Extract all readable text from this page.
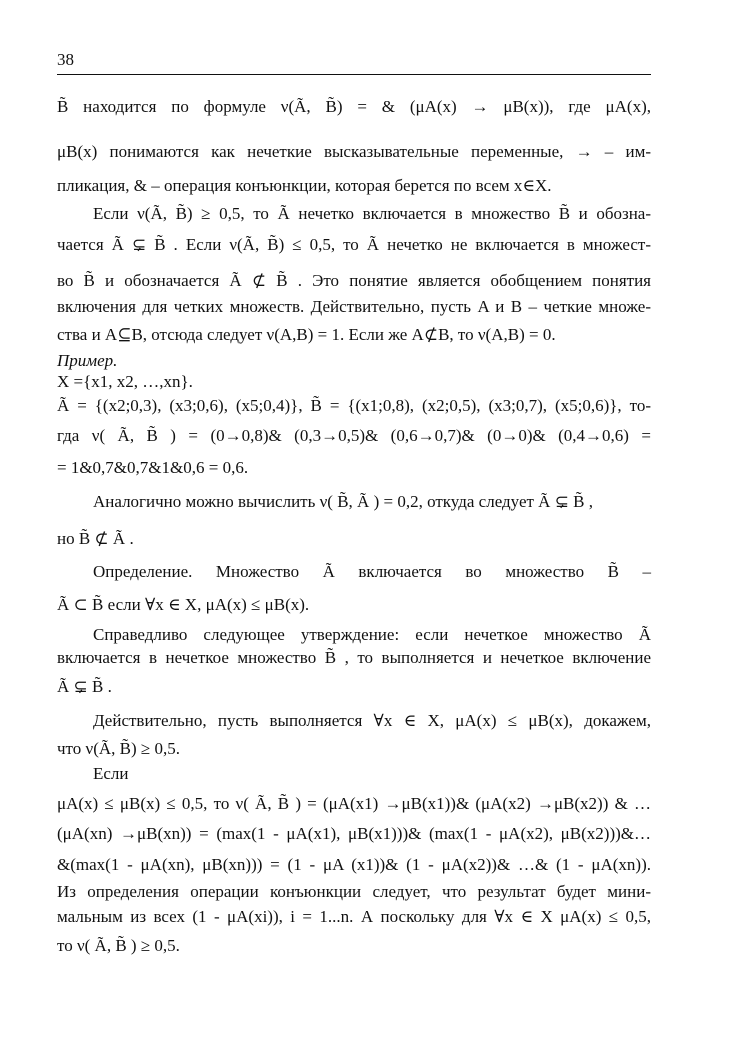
38
B̃ находится по формуле ν(Ã, B̃) = & (μA(x) → μB(x)), где μA(x),
μB(x) понимаются как нечеткие высказывательные переменные, → – им-
пликация, & – операция конъюнкции, которая берется по всем x∈X.
Если ν(Ã, B̃) ≥ 0,5, то Ã нечетко включается в множество B̃ и обозна-
чается Ã ⊊ B̃ . Если ν(Ã, B̃) ≤ 0,5, то Ã нечетко не включается в множест-
во B̃ и обозначается Ã ⊄ B̃ . Это понятие является обобщением понятия
включения для четких множеств. Действительно, пусть A и B – четкие множе-
ства и A⊆B, отсюда следует ν(A,B) = 1. Если же A⊄B, то ν(A,B) = 0.
Пример.
X ={x1, x2, …,xn}.
Ã = {(x2;0,3), (x3;0,6), (x5;0,4)}, B̃ = {(x1;0,8), (x2;0,5), (x3;0,7), (x5;0,6)}, то-
гда ν( Ã, B̃ ) = (0→0,8)& (0,3→0,5)& (0,6→0,7)& (0→0)& (0,4→0,6) =
= 1&0,7&0,7&1&0,6 = 0,6.
Аналогично можно вычислить ν( B̃, Ã ) = 0,2, откуда следует Ã ⊊ B̃ ,
но B̃ ⊄ Ã .
Определение. Множество Ã включается во множество B̃ –
Ã ⊂ B̃ если ∀x ∈ X, μA(x) ≤ μB(x).
Справедливо следующее утверждение: если нечеткое множество Ã
включается в нечеткое множество B̃ , то выполняется и нечеткое включение
Ã ⊊ B̃ .
Действительно, пусть выполняется ∀x ∈ X, μA(x) ≤ μB(x), докажем,
что ν(Ã, B̃) ≥ 0,5.
Если
μA(x) ≤ μB(x) ≤ 0,5, то ν( Ã, B̃ ) = (μA(x1) →μB(x1))& (μA(x2) →μB(x2)) & …
(μA(xn) →μB(xn)) = (max(1 - μA(x1), μB(x1)))& (max(1 - μA(x2), μB(x2)))&…
&(max(1 - μA(xn), μB(xn))) = (1 - μA (x1))& (1 - μA(x2))& …& (1 - μA(xn)).
Из определения операции конъюнкции следует, что результат будет мини-
мальным из всех (1 - μA(xi)), i = 1...n. А поскольку для ∀x ∈ X μA(x) ≤ 0,5,
то ν( Ã, B̃ ) ≥ 0,5.
